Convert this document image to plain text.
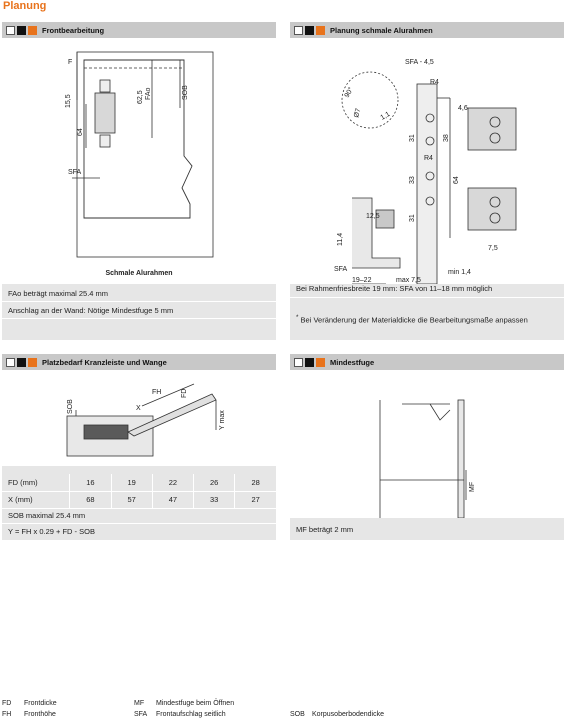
Planung
Frontbearbeitung
F
15,5	62,5 FAo	SOB
64
SFA
Schmale Alurahmen
FAo beträgt maximal 25.4 mm
Anschlag an der Wand: Nötige Mindestfuge 5 mm
Planung schmale Alurahmen
SFA - 4,5
R4
90°
Ø7 1,1
4,6
31	38
R4
33	64
31
12,5
11,4
SFA
19–22	max 7,5
min 1,4
7,5
Bei Rahmenfriesbreite 19 mm: SFA von 11–18 mm möglich
* Bei Veränderung der Materialdicke die Bearbeitungsmaße anpassen
Platzbedarf Kranzleiste und Wange
SOB
FH	FD
X
Y max
FD (mm)	16	19	22	26	28
X (mm)	68	57	47	33	27
SOB maximal 25.4 mm
Y = FH x 0.29 + FD - SOB
Mindestfuge
MF
MF beträgt 2 mm
FD Frontdicke
FH Fronthöhe
MF Mindestfuge beim Öffnen
SFA Frontaufschlag seitlich	SOB Korpusoberbodendicke
